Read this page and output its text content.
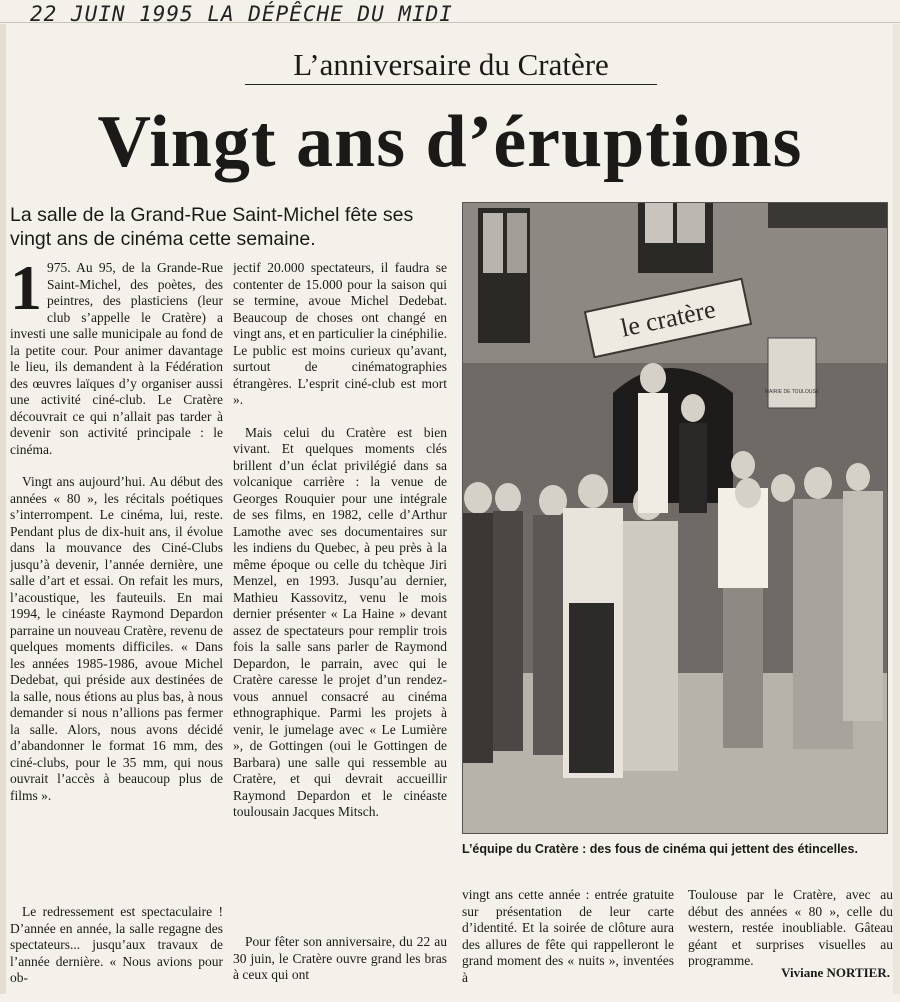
22 JUIN 1995 LA DÉPÊCHE DU MIDI
L’anniversaire du Cratère
Vingt ans d’éruptions
La salle de la Grand-Rue Saint-Michel fête ses vingt ans de cinéma cette semaine.

1 975. Au 95, de la Grande-Rue Saint-Michel, des poètes, des peintres, des plasticiens (leur club s’appelle le Cratère) a investi une salle municipale au fond de la petite cour. Pour animer davantage le lieu, ils demandent à la Fédération des œuvres laïques d’y organiser aussi une activité ciné-club. Le Cratère découvrait ce qui n’allait pas tarder à devenir son activité principale : le cinéma.

Vingt ans aujourd’hui. Au début des années « 80 », les récitals poétiques s’interrompent. Le cinéma, lui, reste. Pendant plus de dix-huit ans, il évolue dans la mouvance des Ciné-Clubs jusqu’à devenir, l’année dernière, une salle d’art et essai. On refait les murs, l’acoustique, les fauteuils. En mai 1994, le cinéaste Raymond Depardon parraine un nouveau Cratère, revenu de quelques moments difficiles. « Dans les années 1985-1986, avoue Michel Dedebat, qui préside aux destinées de la salle, nous étions au plus bas, à nous demander si nous n’allions pas fermer la salle. Alors, nous avons décidé d’abandonner le format 16 mm, des ciné-clubs, pour le 35 mm, qui nous ouvrait l’accès à beaucoup plus de films ».

Le redressement est spectaculaire ! D’année en année, la salle regagne des spectateurs... jusqu’aux travaux de l’année dernière. « Nous avions pour ob-

jectif 20.000 spectateurs, il faudra se contenter de 15.000 pour la saison qui se termine, avoue Michel Dedebat. Beaucoup de choses ont changé en vingt ans, et en particulier la cinéphilie. Le public est moins curieux qu’avant, surtout de cinématographies étrangères. L’esprit ciné-club est mort ».

Mais celui du Cratère est bien vivant. Et quelques moments clés brillent d’un éclat privilégié dans sa volcanique carrière : la venue de Georges Rouquier pour une intégrale de ses films, en 1982, celle d’Arthur Lamothe avec ses documentaires sur les indiens du Quebec, à peu près à la même époque ou celle du tchèque Jiri Menzel, en 1993. Jusqu’au dernier, Mathieu Kassovitz, venu le mois dernier présenter « La Haine » devant assez de spectateurs pour remplir trois fois la salle sans parler de Raymond Depardon, le parrain, avec qui le Cratère caresse le projet d’un rendez-vous annuel consacré au cinéma ethnographique. Parmi les projets à venir, le jumelage avec « Le Lumière », de Gottingen (oui le Gottingen de Barbara) une salle qui ressemble au Cratère, et qui devrait accueillir Raymond Depardon et le cinéaste toulousain Jacques Mitsch.

Pour fêter son anniversaire, du 22 au 30 juin, le Cratère ouvre grand les bras à ceux qui ont

le cratère
MAIRIE DE TOULOUSE
L’équipe du Cratère : des fous de cinéma qui jettent des étincelles.

vingt ans cette année : entrée gratuite sur présentation de leur carte d’identité. Et la soirée de clôture aura des allures de fête qui rappelleront le grand moment des « nuits », inventées à

Toulouse par le Cratère, avec au début des années « 80 », celle du western, restée inoubliable. Gâteau géant et surprises visuelles au programme.

Viviane NORTIER.
